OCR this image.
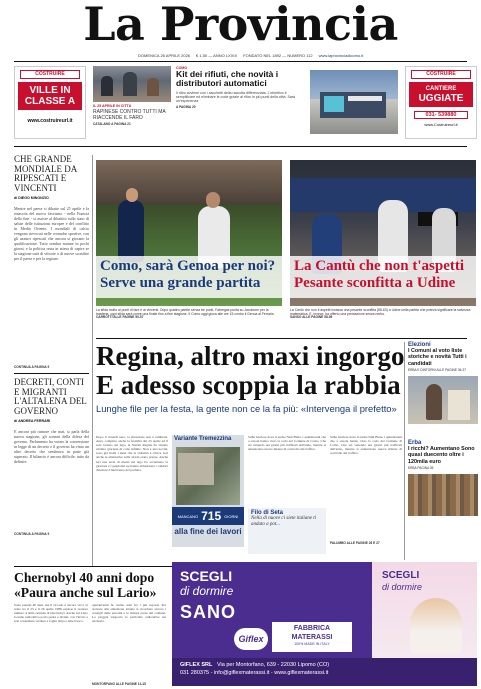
La Provincia
DOMENICA 26 APRILE 2026 € 1,50 — ANNO LXXIX FONDATO NEL 1892 — NUMERO 112 www.laprovinciadicomo.it
COSTRUIRE
VILLE IN
CLASSE A
www.costruireurl.it
IL 25 APRILE IN CITTÀ
RAPINESE CONTRO TUTTI MA RIACCENDE IL FARO
CATALANO A PAGINA 21
COMO
Kit dei rifiuti, che novità i distributori automatici
Il ritiro avviene con i sacchetti della raccolta differenziata. L'obiettivo è semplificare ed eliminare le code grazie al ritiro in più punti della città. Sarà un'esperienza
A PAGINA 20
COSTRUIRE
CANTIERE
UGGIATE
031- 539880
www.Costruireurl.it
CHE GRANDE MONDIALE DA RIPESCATI E VINCENTI
di DIEGO MINONZIO
Mentre nel paese si dibatte sul 25 aprile e la rinascita del nuovo fascismo - nella Francia della fine - si assiste al dibattito sullo stato di salute delle istituzioni europee e del conflitto in Medio Oriente. I mondiali di calcio vengono rievocati nelle cronache sportive, con gli azzurri ripescati che ancora si giocano la qualificazione. Tutto sembra mutare in pochi giorni, e la politica resta in attesa di capire se la stagione sarà di vittorie o di nuove sconfitte per il paese e per la regione.
CONTINUA A PAGINA 9
Como, sarà Genoa per noi? Serve una grande partita
La sfida molto ai punti di fare e ai vincenti. Dopo quattro partite senza tre punti, Fabregas punta su Jacobone per la trasferta, ogni sfida sarà come una finale fino a fine stagione. Il Como oggi gioca alle ore 15 contro il Genoa al Ferraris.
CARROTTI ALLE PAGINE 50-57
La Cantù che non t'aspetti Pesante sconfitta a Udine
La Cantù che non ti aspetti incassa una pesante sconfitta (85-63) a Udine nella partita che poteva significare la salvezza matematica. E, invece, ha offerto una prestazione senza nerbo.
SANSO ALLE PAGINE 58-59
Regina, altro maxi ingorgo
E adesso scoppia la rabbia
Lunghe file per la festa, la gente non ce la fa più: «Intervenga il prefetto»
Dopo il venerdì nero, la situazione non è cambiata. Anzi, complice anche la festività del 25 aprile ed il sole tornato sul lago, la Statale Regina ha vissuto un'altra giornata di code infinite. Non è una novità, sono già molti i mesi che la viabilità è critica. Ieri anche le alternative sulla strada erano presse. Anche ieri una serie di mezzi sul lago ha accentuato la giornata e i pendolari ne hanno abbastanza: i sindaci chiedono l'intervento del prefetto.
Variante Tremezzina
MANCANO 715 GIORNI
alla fine dei lavori
Sulle barriere dove il anche Nini Blaia, i quindicenni che a scuola hanno visto la coda del Comune di Como. Che sta venendo nei giorni più trafficati dell'anno, mentre si annunciano nuove misure di controllo del traffico.
Filo di Seta
Nella di nuove ci siete italiane ti andato a pot...
Sulle barriere dove il anche Nini Blaia, i quindicenni che a scuola hanno visto la coda del Comune di Como. Che sta venendo nei giorni più trafficati dell'anno, mentre si annunciano nuove misure di controllo del traffico.
PALUMBO ALLE PAGINE 26 E 27
Elezioni
I Comuni al voto liste storiche e novità Tutti i candidati
ERBA E DINTORNI ALLE PAGINE 36-37
Erba
I ricchi? Aumentano Sono quasi duecento oltre i 120mila euro
ERBA PAGINA 35
DECRETI, CONTI E MIGRANTI L'ALTALENA DEL GOVERNO
di ANDREA FERRARI
E ancora più rumore che mai, si parla della nuova stagione, gli scenari della difesa del governo. Parlamento ha votato la conversione in legge di un decreto e il governo ha vinto un altro decreto che sembrava in parte già superato. Il bilancio è ancora difficile, tutto da definire.
CONTINUA A PAGINA 9
Chernobyl 40 anni dopo «Paura anche sul Lario»
Sono passati 40 anni, ma il ricordo è ancora vivo: la notte tra il 25 e il 26 aprile 1986 esplose il reattore numero 4 della centrale di Chernobyl. Anche sul Lario la nube radioattiva portò paura e divieti, con l'invito a non consumare verdure a foglia larga e latte fresco.
quarant'anni fa, siamo stati fra i più esposti. Per arrivare alla situazione attuale si ricordano ancora i consigli delle autorità e le misure prese dal comune. La pioggia trasportò le particelle radioattive sul territorio.
MONTORFANO ALLE PAGINE 14-15
SCEGLI
di dormire
SANO
Giflex
FABBRICA
MATERASSI
100% MADE IN ITALY
SCEGLI
di dormire
GIFLEX SRL Via per Montorfano, 639 - 22030 Lipomo (CO)
031 280375 - info@giflexmaterassi.it - www.giflexmaterassi.it
